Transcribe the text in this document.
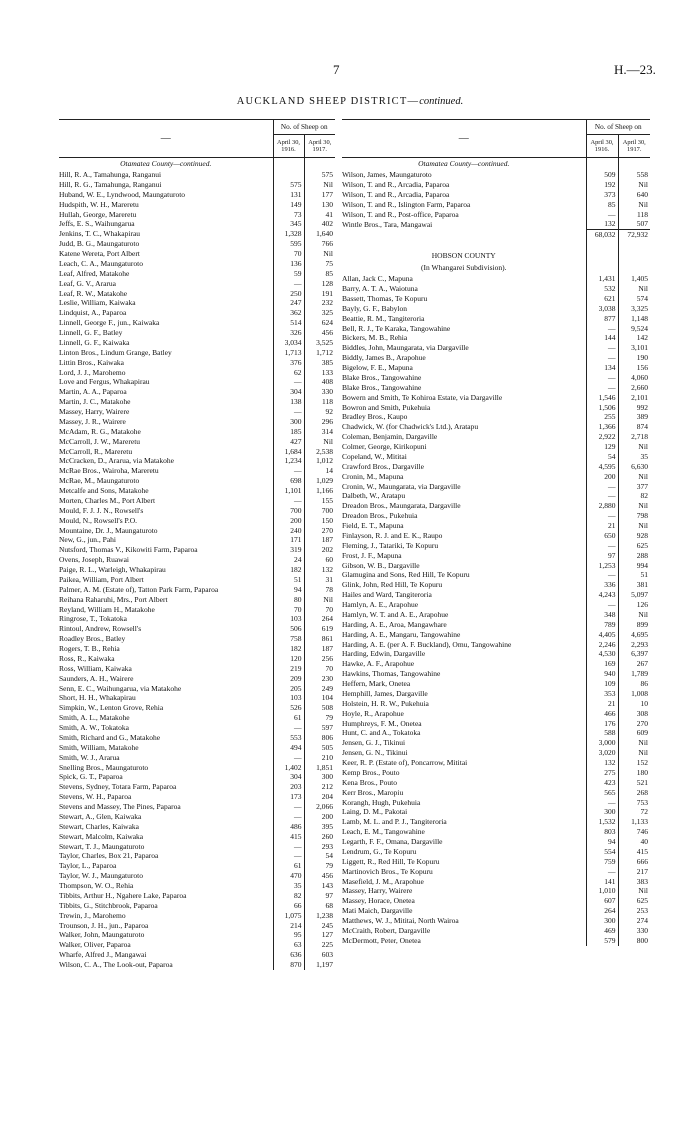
7	H.—23.
AUCKLAND SHEEP DISTRICT—continued.
—	No. of Sheep on	
	April 30, 1916.	April 30, 1917.
Otamatea County—continued.		
Hill, R. A., Tamahunga, Ranganui		575
Hill, R. G., Tamahunga, Ranganui	575	Nil
Huband, W. E., Lyndwood, Maungaturoto	131	177
Hudspith, W. H., Mareretu	149	130
Hullah, George, Mareretu	73	41
Jeffs, E. S., Waihungarua	345	402
Jenkins, T. C., Whakapirau	1,328	1,640
Judd, B. G., Maungaturoto	595	766
Katene Wereta, Port Albert	70	Nil
Leach, C. A., Maungaturoto	136	75
Leaf, Alfred, Matakohe	59	85
Leaf, G. V., Ararua	—	128
Leaf, R. W., Matakohe	250	191
Leslie, William, Kaiwaka	247	232
Lindquist, A., Paparoa	362	325
Linnell, George F., jun., Kaiwaka	514	624
Linnell, G. F., Batley	326	456
Linnell, G. F., Kaiwaka	3,034	3,525
Linton Bros., Lindum Grange, Batley	1,713	1,712
Littin Bros., Kaiwaka	376	385
Lord, J. J., Marohemo	62	133
Love and Fergus, Whakapirau	—	408
Martin, A. A., Paparoa	304	330
Martin, J. C., Matakohe	138	118
Massey, Harry, Wairere	—	92
Massey, J. R., Wairere	300	296
McAdam, R. G., Matakohe	185	314
McCarroll, J. W., Mareretu	427	Nil
McCarroll, R., Mareretu	1,684	2,538
McCracken, D., Ararua, via Matakohe	1,234	1,012
McRae Bros., Wairoha, Mareretu	—	14
McRae, M., Maungaturoto	698	1,029
Metcalfe and Sons, Matakohe	1,101	1,166
Morten, Charles M., Port Albert	—	155
Mould, F. J. J. N., Rowsell's	700	700
Mould, N., Rowsell's P.O.	200	150
Mountaine, Dr. J., Maungaturoto	240	270
New, G., jun., Pahi	171	187
Nutsford, Thomas V., Kikowiti Farm, Paparoa	319	202
Ovens, Joseph, Ruawai	24	60
Paige, R. L., Warleigh, Whakapirau	182	132
Paikea, William, Port Albert	51	31
Palmer, A. M. (Estate of), Tatton Park Farm, Paparoa	94	78
Reihana Raharuhi, Mrs., Port Albert	80	Nil
Reyland, William H., Matakohe	70	70
Ringrose, T., Tokatoka	103	264
Rintoul, Andrew, Rowsell's	506	619
Roadley Bros., Batley	758	861
Rogers, T. B., Rehia	182	187
Ross, R., Kaiwaka	120	256
Ross, William, Kaiwaka	219	70
Saunders, A. H., Wairere	209	230
Senn, E. C., Waihungarua, via Matakohe	205	249
Short, H. H., Whakapirau	103	104
Simpkin, W., Lenton Grove, Rehia	526	508
Smith, A. L., Matakohe	61	79
Smith, A. W., Tokatoka	—	597
Smith, Richard and G., Matakohe	553	806
Smith, William, Matakohe	494	505
Smith, W. J., Ararua	—	210
Snelling Bros., Maungaturoto	1,402	1,851
Spick, G. T., Paparoa	304	300
Stevens, Sydney, Totara Farm, Paparoa	203	212
Stevens, W. H., Paparoa	173	204
Stevens and Massey, The Pines, Paparoa	—	2,066
Stewart, A., Glen, Kaiwaka	—	200
Stewart, Charles, Kaiwaka	486	395
Stewart, Malcolm, Kaiwaka	415	260
Stewart, T. J., Maungaturoto	—	293
Taylor, Charles, Box 21, Paparoa	—	54
Taylor, L., Paparoa	61	79
Taylor, W. J., Maungaturoto	470	456
Thompson, W. O., Rehia	35	143
Tibbits, Arthur H., Ngahere Lake, Paparoa	82	97
Tibbits, G., Stitchbrook, Paparoa	66	68
Trewin, J., Marohemo	1,075	1,238
Trounson, J. H., jun., Paparoa	214	245
Walker, John, Maungaturoto	95	127
Walker, Oliver, Paparoa	63	225
Wharfe, Alfred J., Mangawai	636	603
Wilson, C. A., The Look-out, Paparoa	870	1,197
—	No. of Sheep on	
	April 30, 1916.	April 30, 1917.
Otamatea County—continued.		
Wilson, James, Maungaturoto	509	558
Wilson, T. and R., Arcadia, Paparoa	192	Nil
Wilson, T. and R., Arcadia, Paparoa	373	640
Wilson, T. and R., Islington Farm, Paparoa	85	Nil
Wilson, T. and R., Post-office, Paparoa	—	118
Wintle Bros., Tara, Mangawai	132	507
	68,032	72,932

HOBSON COUNTY		
(In Whangarei Subdivision).		
Allan, Jack C., Mapuna	1,431	1,405
Barry, A. T. A., Waiotuna	532	Nil
Bassett, Thomas, Te Kopuru	621	574
Bayly, G. F., Babylon	3,038	3,325
Beattie, R. M., Tangiteroria	877	1,148
Bell, R. J., Te Karaka, Tangowahine	—	9,524
Bickers, M. B., Rehia	144	142
Biddles, John, Maungarata, via Dargaville	—	3,101
Biddly, James B., Arapohue	—	190
Bigelow, F. E., Mapuna	134	156
Blake Bros., Tangowahine	—	4,060
Blake Bros., Tangowahine	—	2,660
Bowern and Smith, Te Kohiroa Estate, via Dargaville	1,546	2,101
Bowron and Smith, Pukehuia	1,506	992
Bradley Bros., Kaupo	255	389
Chadwick, W. (for Chadwick's Ltd.), Aratapu	1,366	874
Coleman, Benjamin, Dargaville	2,922	2,718
Colmer, George, Kirikopuni	129	Nil
Copeland, W., Mititai	54	35
Crawford Bros., Dargaville	4,595	6,630
Cronin, M., Mapuna	200	Nil
Cronin, W., Maungarata, via Dargaville	—	377
Dalbeth, W., Aratapu	—	82
Dreadon Bros., Maungarata, Dargaville	2,880	Nil
Dreadon Bros., Pukehuia	—	798
Field, E. T., Mapuna	21	Nil
Finlayson, R. J. and E. K., Raupo	650	928
Fleming, J., Tatariki, Te Kopuru	—	625
Frost, J. F., Mapuna	97	288
Gibson, W. B., Dargaville	1,253	994
Glamugina and Sons, Red Hill, Te Kopuru	—	51
Glink, John, Red Hill, Te Kopuru	336	381
Hailes and Ward, Tangiteroria	4,243	5,097
Hamlyn, A. E., Arapohue	—	126
Hamlyn, W. T. and A. E., Arapohue	348	Nil
Harding, A. E., Aroa, Mangawhare	789	899
Harding, A. E., Mangaru, Tangowahine	4,405	4,695
Harding, A. E. (per A. F. Buckland), Omu, Tangowahine	2,246	2,293
Harding, Edwin, Dargaville	4,530	6,397
Hawke, A. F., Arapohue	169	267
Hawkins, Thomas, Tangowahine	940	1,789
Heffern, Mark, Onetea	109	86
Hemphill, James, Dargaville	353	1,008
Holstein, H. R. W., Pukehuia	21	10
Hoyle, R., Arapohue	466	308
Humphreys, F. M., Onetea	176	270
Hunt, C. and A., Tokatoka	588	609
Jensen, G. J., Tikinui	3,000	Nil
Jensen, G. N., Tikinui	3,020	Nil
Keer, R. P. (Estate of), Poncarrow, Mititai	132	152
Kemp Bros., Pouto	275	180
Kena Bros., Pouto	423	521
Kerr Bros., Maropiu	565	268
Korangh, Hugh, Pukehuia	—	753
Laing, D. M., Pakotai	300	72
Lamb, M. L. and P. J., Tangiteroria	1,532	1,133
Leach, E. M., Tangowahine	803	746
Legarth, F. F., Omana, Dargaville	94	40
Lendrum, G., Te Kopuru	554	415
Liggett, R., Red Hill, Te Kopuru	759	666
Martinovich Bros., Te Kopuru	—	217
Masefield, J. M., Arapohue	141	383
Massey, Harry, Wairere	1,010	Nil
Massey, Horace, Onetea	607	625
Mati Maich, Dargaville	264	253
Matthews, W. J., Mititai, North Wairoa	300	274
McCraith, Robert, Dargaville	469	330
McDermott, Peter, Onetea	579	800
